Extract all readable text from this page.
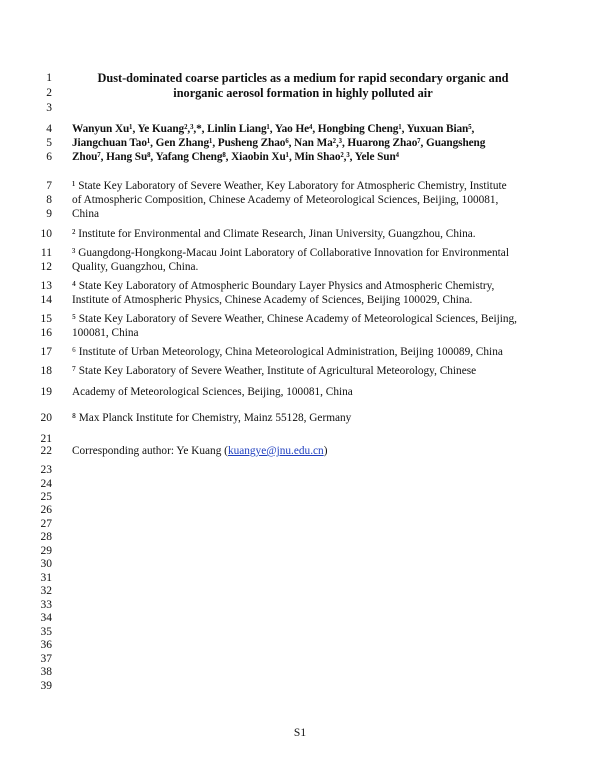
1
2
3
4
5
6
7
8
9
10
11
12
13
14
15
16
17
18
19
20
21
22
23
24
25
26
27
28
29
30
31
32
33
34
35
36
37
38
39
Dust-dominated coarse particles as a medium for rapid secondary organic and
inorganic aerosol formation in highly polluted air
Wanyun Xu¹, Ye Kuang²,³,*, Linlin Liang¹, Yao He⁴, Hongbing Cheng¹, Yuxuan Bian⁵,
Jiangchuan Tao¹, Gen Zhang¹, Pusheng Zhao⁶, Nan Ma²,³, Huarong Zhao⁷, Guangsheng
Zhou⁷, Hang Su⁸, Yafang Cheng⁸, Xiaobin Xu¹, Min Shao²,³, Yele Sun⁴
¹ State Key Laboratory of Severe Weather, Key Laboratory for Atmospheric Chemistry, Institute
of Atmospheric Composition, Chinese Academy of Meteorological Sciences, Beijing, 100081,
China
² Institute for Environmental and Climate Research, Jinan University, Guangzhou, China.
³ Guangdong-Hongkong-Macau Joint Laboratory of Collaborative Innovation for Environmental
Quality, Guangzhou, China.
⁴ State Key Laboratory of Atmospheric Boundary Layer Physics and Atmospheric Chemistry,
Institute of Atmospheric Physics, Chinese Academy of Sciences, Beijing 100029, China.
⁵ State Key Laboratory of Severe Weather, Chinese Academy of Meteorological Sciences, Beijing,
100081, China
⁶ Institute of Urban Meteorology, China Meteorological Administration, Beijing 100089, China
⁷ State Key Laboratory of Severe Weather, Institute of Agricultural Meteorology, Chinese
Academy of Meteorological Sciences, Beijing, 100081, China
⁸ Max Planck Institute for Chemistry, Mainz 55128, Germany
Corresponding author: Ye Kuang (kuangye@jnu.edu.cn)
S1
